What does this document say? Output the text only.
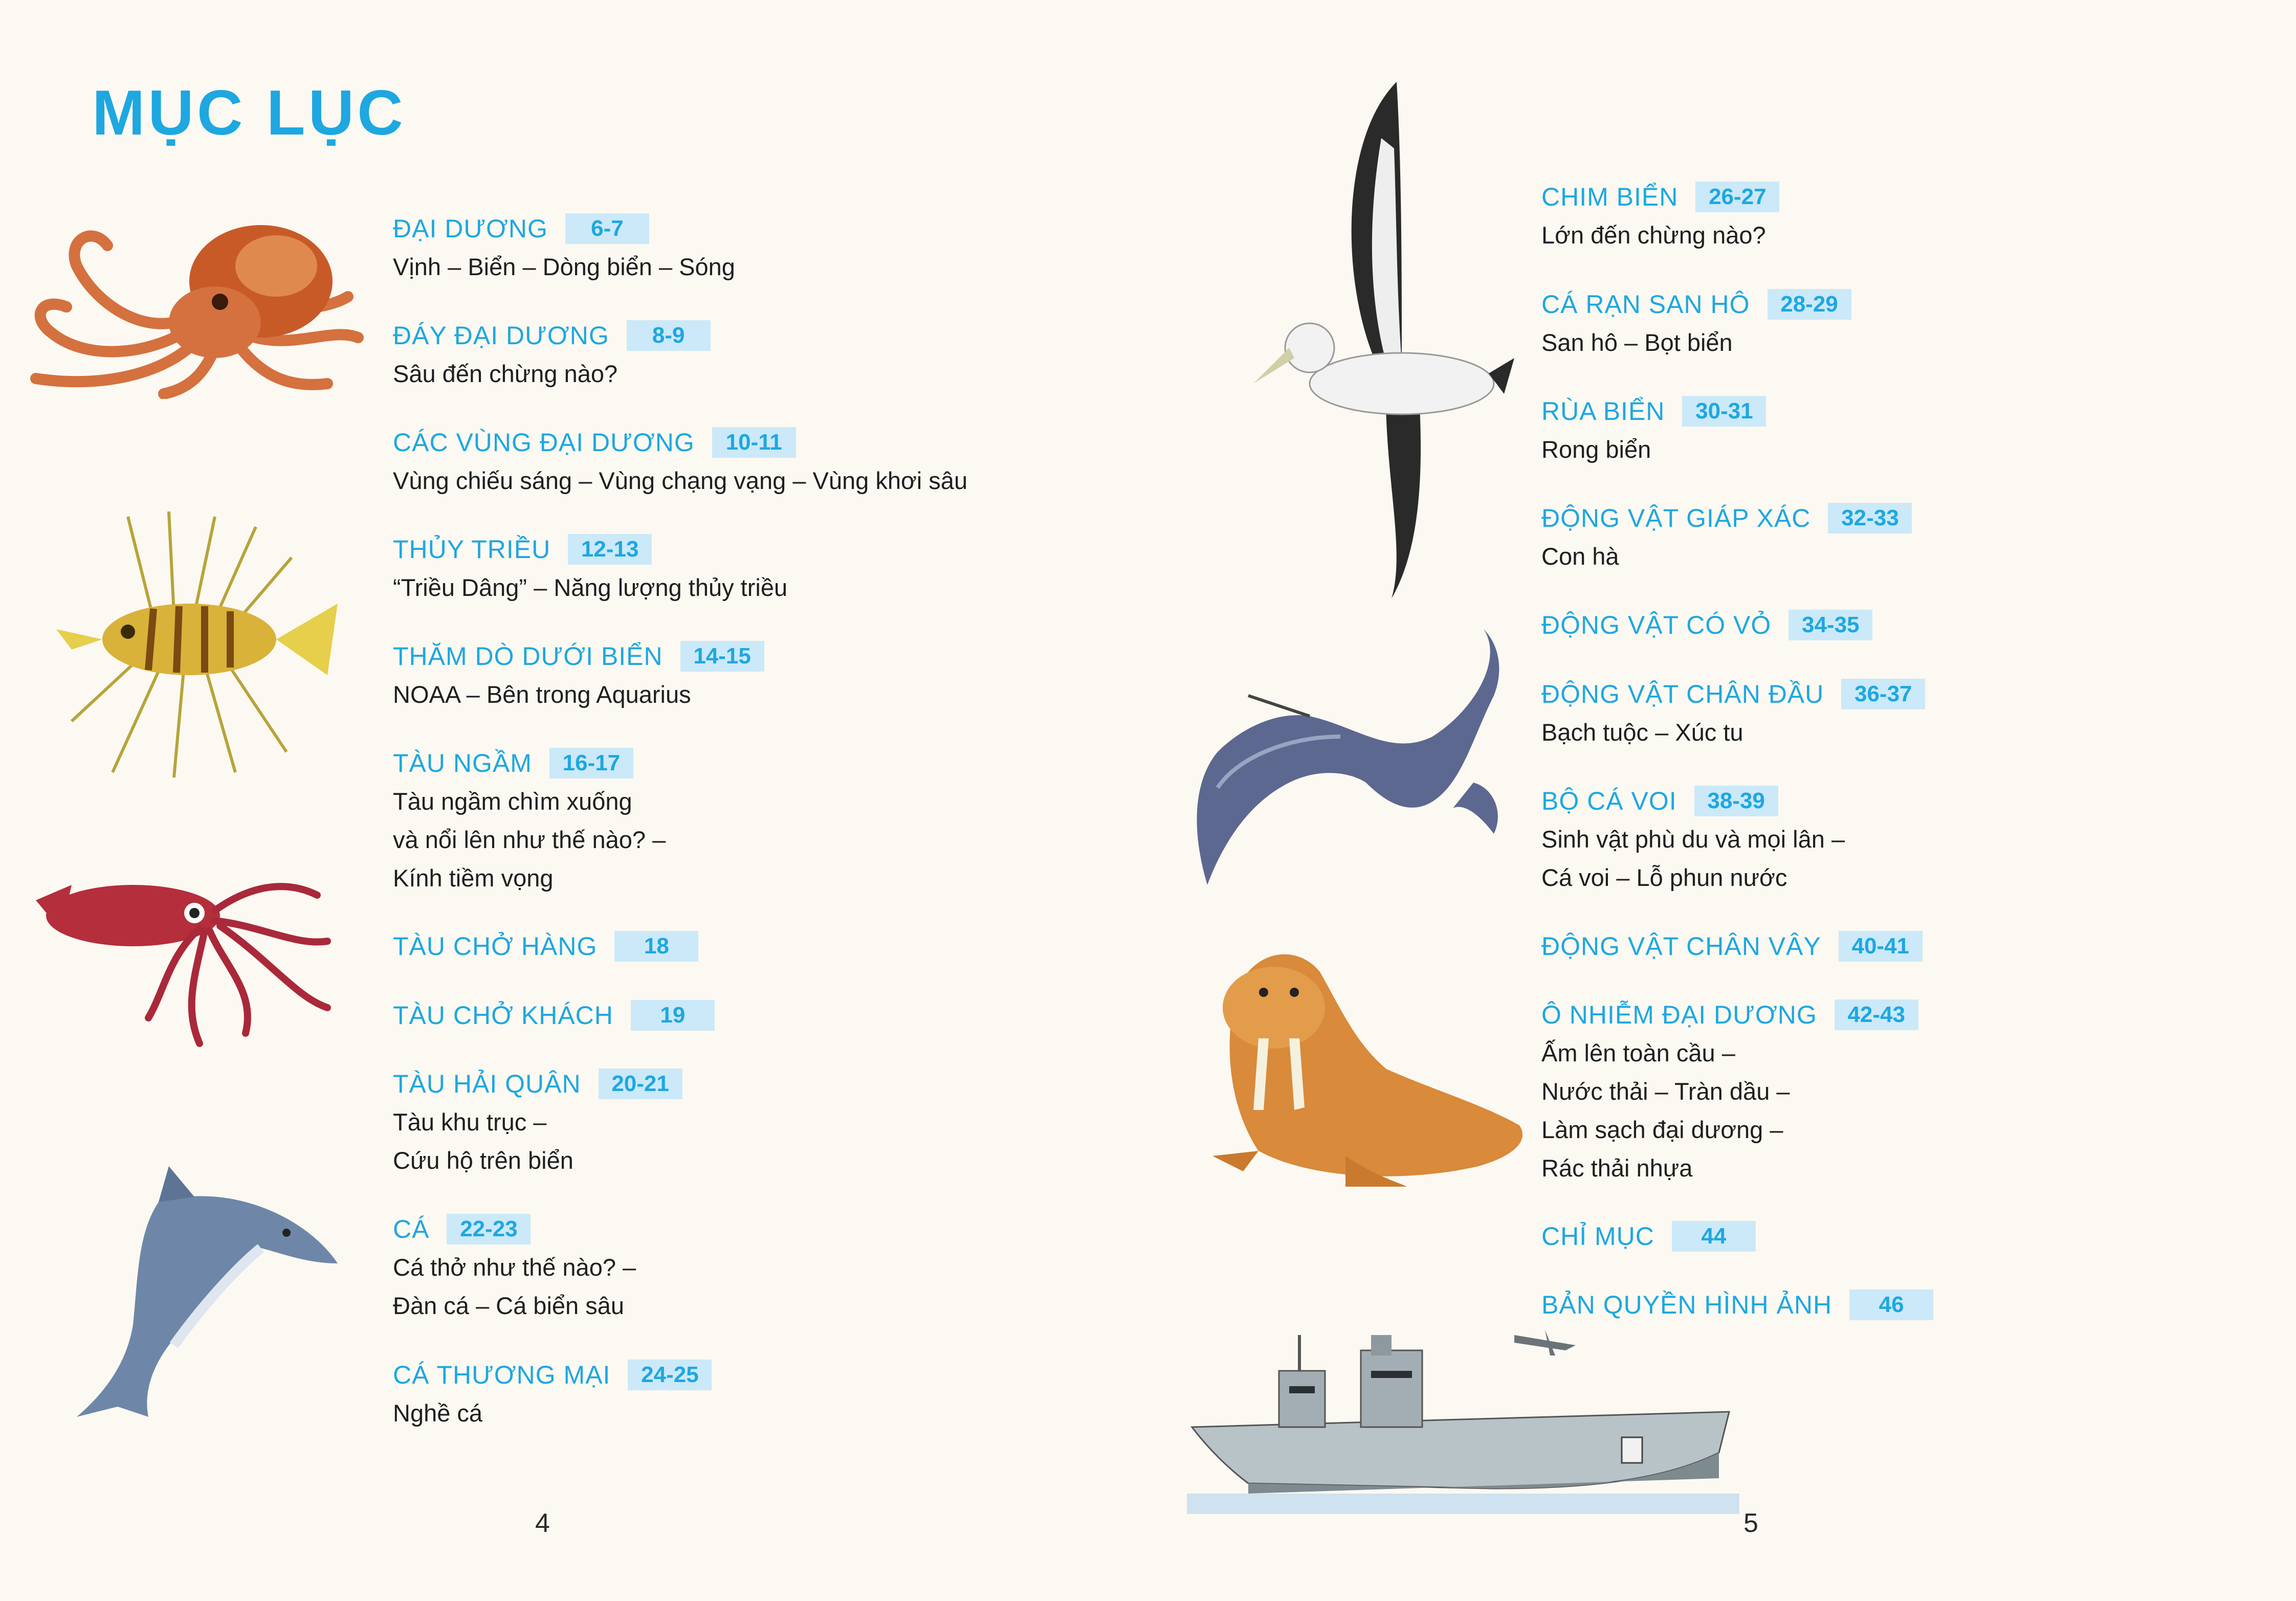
MỤC LỤC
ĐẠI DƯƠNG	6-7
Vịnh – Biển – Dòng biển – Sóng
ĐÁY ĐẠI DƯƠNG	8-9
Sâu đến chừng nào?
CÁC VÙNG ĐẠI DƯƠNG	10-11
Vùng chiếu sáng – Vùng chạng vạng – Vùng khơi sâu
THỦY TRIỀU	12-13
“Triều Dâng” – Năng lượng thủy triều
THĂM DÒ DƯỚI BIỂN	14-15
NOAA – Bên trong Aquarius
TÀU NGẦM	16-17
Tàu ngầm chìm xuống
và nổi lên như thế nào? –
Kính tiềm vọng
TÀU CHỞ HÀNG	18
TÀU CHỞ KHÁCH	19
TÀU HẢI QUÂN	20-21
Tàu khu trục –
Cứu hộ trên biển
CÁ	22-23
Cá thở như thế nào? –
Đàn cá – Cá biển sâu
CÁ THƯƠNG MẠI	24-25
Nghề cá
CHIM BIỂN	26-27
Lớn đến chừng nào?
CÁ RẠN SAN HÔ	28-29
San hô – Bọt biển
RÙA BIỂN	30-31
Rong biển
ĐỘNG VẬT GIÁP XÁC	32-33
Con hà
ĐỘNG VẬT CÓ VỎ	34-35
ĐỘNG VẬT CHÂN ĐẦU	36-37
Bạch tuộc – Xúc tu
BỘ CÁ VOI	38-39
Sinh vật phù du và mọi lân –
Cá voi – Lỗ phun nước
ĐỘNG VẬT CHÂN VÂY	40-41
Ô NHIỄM ĐẠI DƯƠNG	42-43
Ấm lên toàn cầu –
Nước thải – Tràn dầu –
Làm sạch đại dương –
Rác thải nhựa
CHỈ MỤC	44
BẢN QUYỀN HÌNH ẢNH	46
4	5
